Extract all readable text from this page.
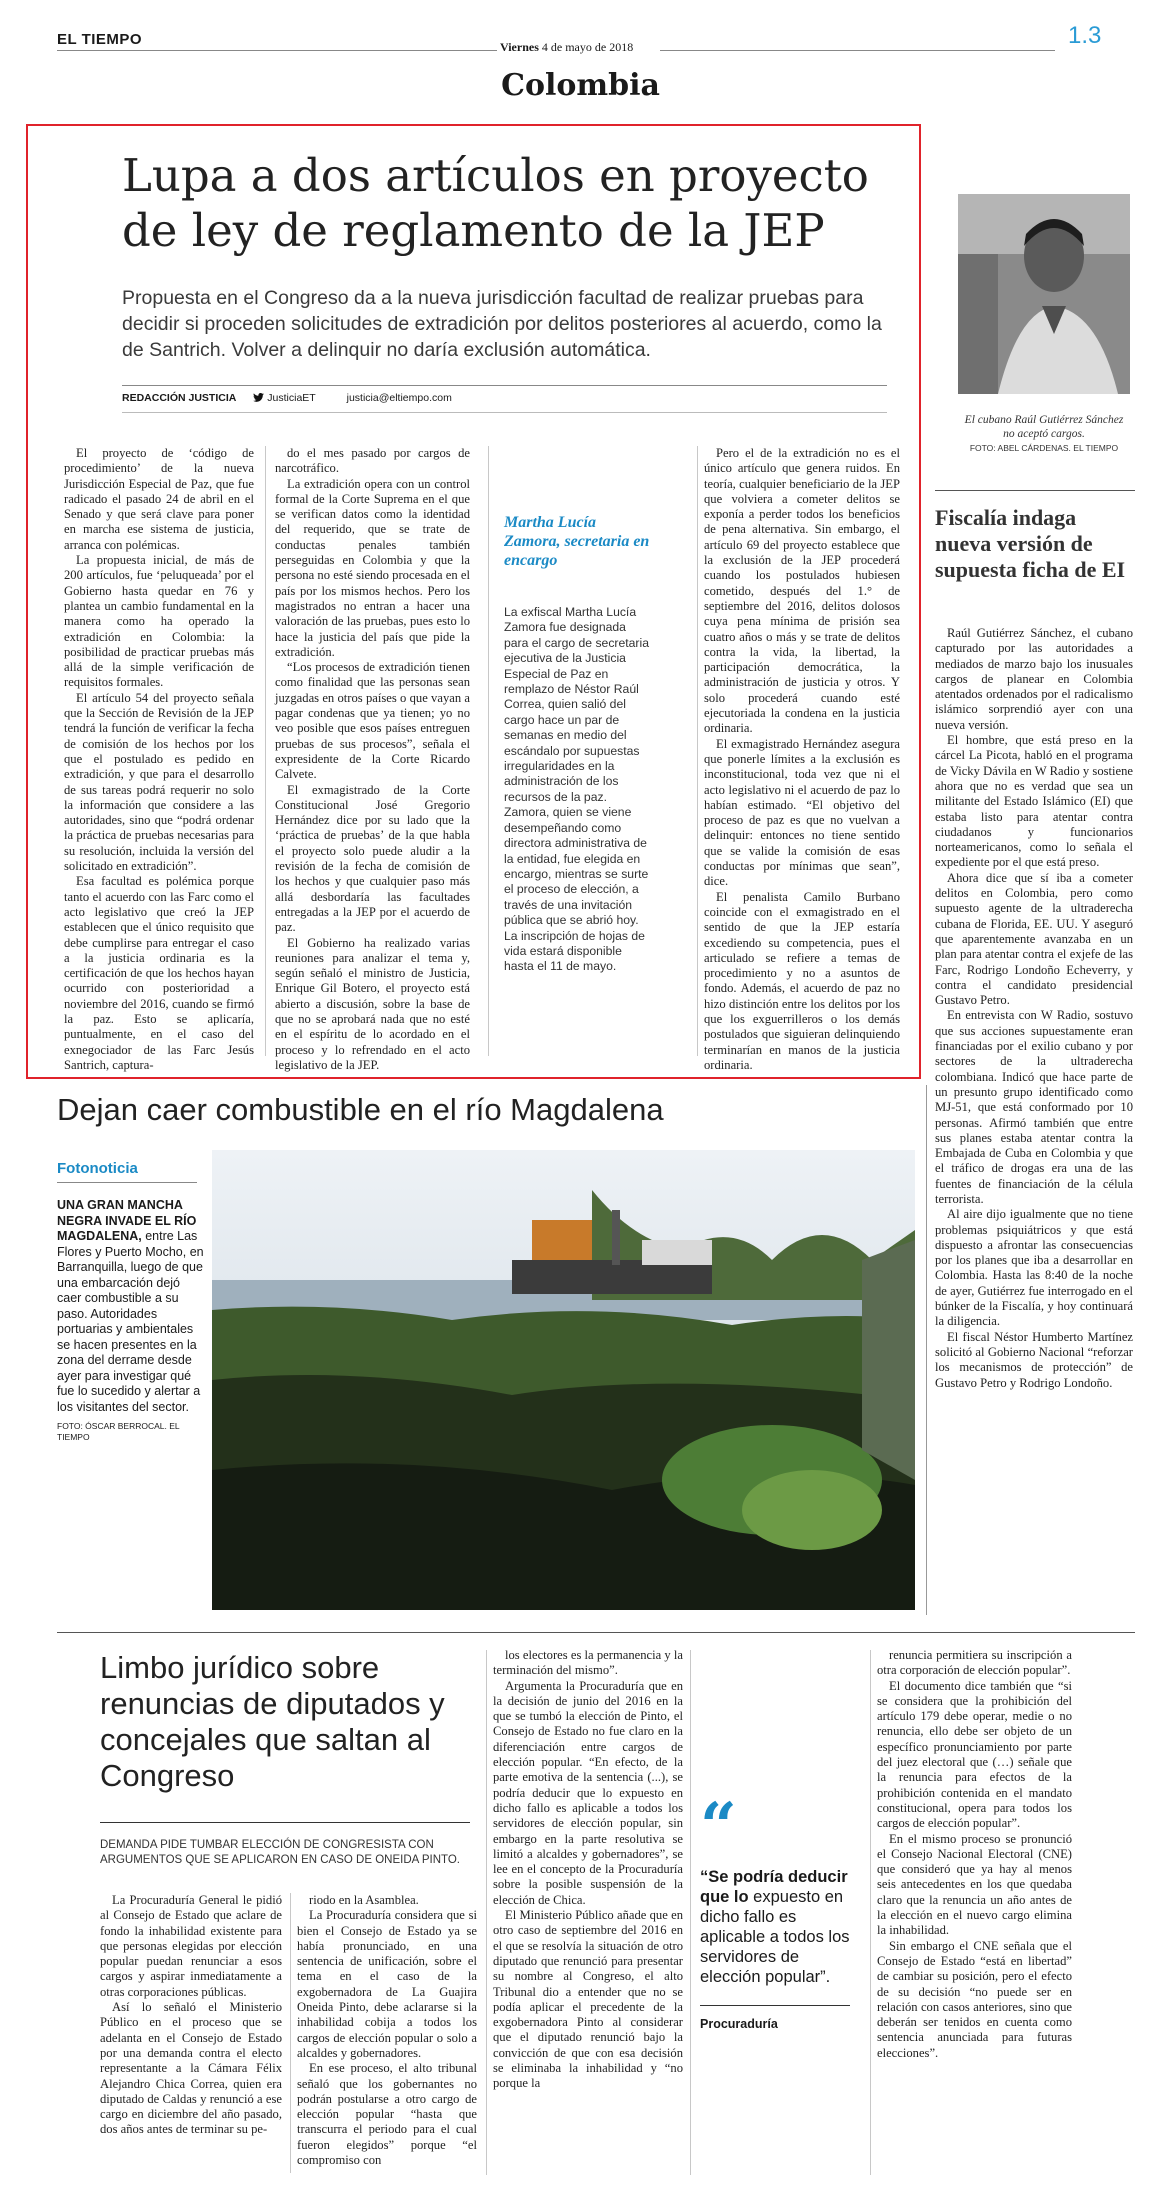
EL TIEMPO	Viernes 4 de mayo de 2018	1.3
Colombia
Lupa a dos artículos en proyecto de ley de reglamento de la JEP
Propuesta en el Congreso da a la nueva jurisdicción facultad de realizar pruebas para decidir si proceden solicitudes de extradición por delitos posteriores al acuerdo, como la de Santrich. Volver a delinquir no daría exclusión automática.
REDACCIÓN JUSTICIA	JusticiaET	justicia@eltiempo.com

El proyecto de ‘código de procedimiento’ de la nueva Jurisdicción Especial de Paz, que fue radicado el pasado 24 de abril en el Senado y que será clave para poner en marcha ese sistema de justicia, arranca con polémicas.

La propuesta inicial, de más de 200 artículos, fue ‘peluqueada’ por el Gobierno hasta quedar en 76 y plantea un cambio fundamental en la manera como ha operado la extradición en Colombia: la posibilidad de practicar pruebas más allá de la simple verificación de requisitos formales.

El artículo 54 del proyecto señala que la Sección de Revisión de la JEP tendrá la función de verificar la fecha de comisión de los hechos por los que el postulado es pedido en extradición, y que para el desarrollo de sus tareas podrá requerir no solo la información que considere a las autoridades, sino que “podrá ordenar la práctica de pruebas necesarias para su resolución, incluida la versión del solicitado en extradición”.

Esa facultad es polémica porque tanto el acuerdo con las Farc como el acto legislativo que creó la JEP establecen que el único requisito que debe cumplirse para entregar el caso a la justicia ordinaria es la certificación de que los hechos hayan ocurrido con posterioridad a noviembre del 2016, cuando se firmó la paz. Esto se aplicaría, puntualmente, en el caso del exnegociador de las Farc Jesús Santrich, captura-

do el mes pasado por cargos de narcotráfico.

La extradición opera con un control formal de la Corte Suprema en el que se verifican datos como la identidad del requerido, que se trate de conductas penales también perseguidas en Colombia y que la persona no esté siendo procesada en el país por los mismos hechos. Pero los magistrados no entran a hacer una valoración de las pruebas, pues esto lo hace la justicia del país que pide la extradición.

“Los procesos de extradición tienen como finalidad que las personas sean juzgadas en otros países o que vayan a pagar condenas que ya tienen; yo no veo posible que esos países entreguen pruebas de sus procesos”, señala el expresidente de la Corte Ricardo Calvete.

El exmagistrado de la Corte Constitucional José Gregorio Hernández dice por su lado que la ‘práctica de pruebas’ de la que habla el proyecto solo puede aludir a la revisión de la fecha de comisión de los hechos y que cualquier paso más allá desbordaría las facultades entregadas a la JEP por el acuerdo de paz.

El Gobierno ha realizado varias reuniones para analizar el tema y, según señaló el ministro de Justicia, Enrique Gil Botero, el proyecto está abierto a discusión, sobre la base de que no se aprobará nada que no esté en el espíritu de lo acordado en el proceso y lo refrendado en el acto legislativo de la JEP.

Martha Lucía Zamora, secretaria en encargo

La exfiscal Martha Lucía Zamora fue designada para el cargo de secretaria ejecutiva de la Justicia Especial de Paz en remplazo de Néstor Raúl Correa, quien salió del cargo hace un par de semanas en medio del escándalo por supuestas irregularidades en la administración de los recursos de la paz.

Zamora, quien se viene desempeñando como directora administrativa de la entidad, fue elegida en encargo, mientras se surte el proceso de elección, a través de una invitación pública que se abrió hoy.

La inscripción de hojas de vida estará disponible hasta el 11 de mayo.

Pero el de la extradición no es el único artículo que genera ruidos. En teoría, cualquier beneficiario de la JEP que volviera a cometer delitos se exponía a perder todos los beneficios de pena alternativa. Sin embargo, el artículo 69 del proyecto establece que la exclusión de la JEP procederá cuando los postulados hubiesen cometido, después del 1.° de septiembre del 2016, delitos dolosos cuya pena mínima de prisión sea cuatro años o más y se trate de delitos contra la vida, la libertad, la participación democrática, la administración de justicia y otros. Y solo procederá cuando esté ejecutoriada la condena en la justicia ordinaria.

El exmagistrado Hernández asegura que ponerle límites a la exclusión es inconstitucional, toda vez que ni el acto legislativo ni el acuerdo de paz lo habían estimado. “El objetivo del proceso de paz es que no vuelvan a delinquir: entonces no tiene sentido que se valide la comisión de esas conductas por mínimas que sean”, dice.

El penalista Camilo Burbano coincide con el exmagistrado en el sentido de que la JEP estaría excediendo su competencia, pues el articulado se refiere a temas de procedimiento y no a asuntos de fondo. Además, el acuerdo de paz no hizo distinción entre los delitos por los que los exguerrilleros o los demás postulados que siguieran delinquiendo terminarían en manos de la justicia ordinaria.

El cubano Raúl Gutiérrez Sánchez no aceptó cargos.
FOTO: ABEL CÁRDENAS. EL TIEMPO
Fiscalía indaga nueva versión de supuesta ficha de EI

Raúl Gutiérrez Sánchez, el cubano capturado por las autoridades a mediados de marzo bajo los inusuales cargos de planear en Colombia atentados ordenados por el radicalismo islámico sorprendió ayer con una nueva versión.

El hombre, que está preso en la cárcel La Picota, habló en el programa de Vicky Dávila en W Radio y sostiene ahora que no es verdad que sea un militante del Estado Islámico (EI) que estaba listo para atentar contra ciudadanos y funcionarios norteamericanos, como lo señala el expediente por el que está preso.

Ahora dice que sí iba a cometer delitos en Colombia, pero como supuesto agente de la ultraderecha cubana de Florida, EE. UU. Y aseguró que aparentemente avanzaba en un plan para atentar contra el exjefe de las Farc, Rodrigo Londoño Echeverry, y contra el candidato presidencial Gustavo Petro.

En entrevista con W Radio, sostuvo que sus acciones supuestamente eran financiadas por el exilio cubano y por sectores de la ultraderecha colombiana. Indicó que hace parte de un presunto grupo identificado como MJ-51, que está conformado por 10 personas. Afirmó también que entre sus planes estaba atentar contra la Embajada de Cuba en Colombia y que el tráfico de drogas era una de las fuentes de financiación de la célula terrorista.

Al aire dijo igualmente que no tiene problemas psiquiátricos y que está dispuesto a afrontar las consecuencias por los planes que iba a desarrollar en Colombia. Hasta las 8:40 de la noche de ayer, Gutiérrez fue interrogado en el búnker de la Fiscalía, y hoy continuará la diligencia.

El fiscal Néstor Humberto Martínez solicitó al Gobierno Nacional “reforzar los mecanismos de protección” de Gustavo Petro y Rodrigo Londoño.

Dejan caer combustible en el río Magdalena
Fotonoticia
UNA GRAN MANCHA NEGRA INVADE EL RÍO MAGDALENA, entre Las Flores y Puerto Mocho, en Barranquilla, luego de que una embarcación dejó caer combustible a su paso. Autoridades portuarias y ambientales se hacen presentes en la zona del derrame desde ayer para investigar qué fue lo sucedido y alertar a los visitantes del sector.
FOTO: ÓSCAR BERROCAL. EL TIEMPO
Limbo jurídico sobre renuncias de diputados y concejales que saltan al Congreso
DEMANDA PIDE TUMBAR ELECCIÓN DE CONGRESISTA CON ARGUMENTOS QUE SE APLICARON EN CASO DE ONEIDA PINTO.

La Procuraduría General le pidió al Consejo de Estado que aclare de fondo la inhabilidad existente para que personas elegidas por elección popular puedan renunciar a esos cargos y aspirar inmediatamente a otras corporaciones públicas.

Así lo señaló el Ministerio Público en el proceso que se adelanta en el Consejo de Estado por una demanda contra el electo representante a la Cámara Félix Alejandro Chica Correa, quien era diputado de Caldas y renunció a ese cargo en diciembre del año pasado, dos años antes de terminar su pe-

riodo en la Asamblea.

La Procuraduría considera que si bien el Consejo de Estado ya se había pronunciado, en una sentencia de unificación, sobre el tema en el caso de la exgobernadora de La Guajira Oneida Pinto, debe aclararse si la inhabilidad cobija a todos los cargos de elección popular o solo a alcaldes y gobernadores.

En ese proceso, el alto tribunal señaló que los gobernantes no podrán postularse a otro cargo de elección popular “hasta que transcurra el periodo para el cual fueron elegidos” porque “el compromiso con

los electores es la permanencia y la terminación del mismo”.

Argumenta la Procuraduría que en la decisión de junio del 2016 en la que se tumbó la elección de Pinto, el Consejo de Estado no fue claro en la diferenciación entre cargos de elección popular. “En efecto, de la parte emotiva de la sentencia (...), se podría deducir que lo expuesto en dicho fallo es aplicable a todos los servidores de elección popular, sin embargo en la parte resolutiva se limitó a alcaldes y gobernadores”, se lee en el concepto de la Procuraduría sobre la posible suspensión de la elección de Chica.

El Ministerio Público añade que en otro caso de septiembre del 2016 en el que se resolvía la situación de otro diputado que renunció para presentar su nombre al Congreso, el alto Tribunal dio a entender que no se podía aplicar el precedente de la exgobernadora Pinto al considerar que el diputado renunció bajo la convicción de que con esa decisión se eliminaba la inhabilidad y “no porque la

“
“Se podría deducir que lo expuesto en dicho fallo es aplicable a todos los servidores de elección popular”.
Procuraduría

renuncia permitiera su inscripción a otra corporación de elección popular”.

El documento dice también que “si se considera que la prohibición del artículo 179 debe operar, medie o no renuncia, ello debe ser objeto de un específico pronunciamiento por parte del juez electoral que (…) señale que la renuncia para efectos de la prohibición contenida en el mandato constitucional, opera para todos los cargos de elección popular”.

En el mismo proceso se pronunció el Consejo Nacional Electoral (CNE) que consideró que ya hay al menos seis antecedentes en los que quedaba claro que la renuncia un año antes de la elección en el nuevo cargo elimina la inhabilidad.

Sin embargo el CNE señala que el Consejo de Estado “está en libertad” de cambiar su posición, pero el efecto de su decisión “no puede ser en relación con casos anteriores, sino que deberán ser tenidos en cuenta como sentencia anunciada para futuras elecciones”.
